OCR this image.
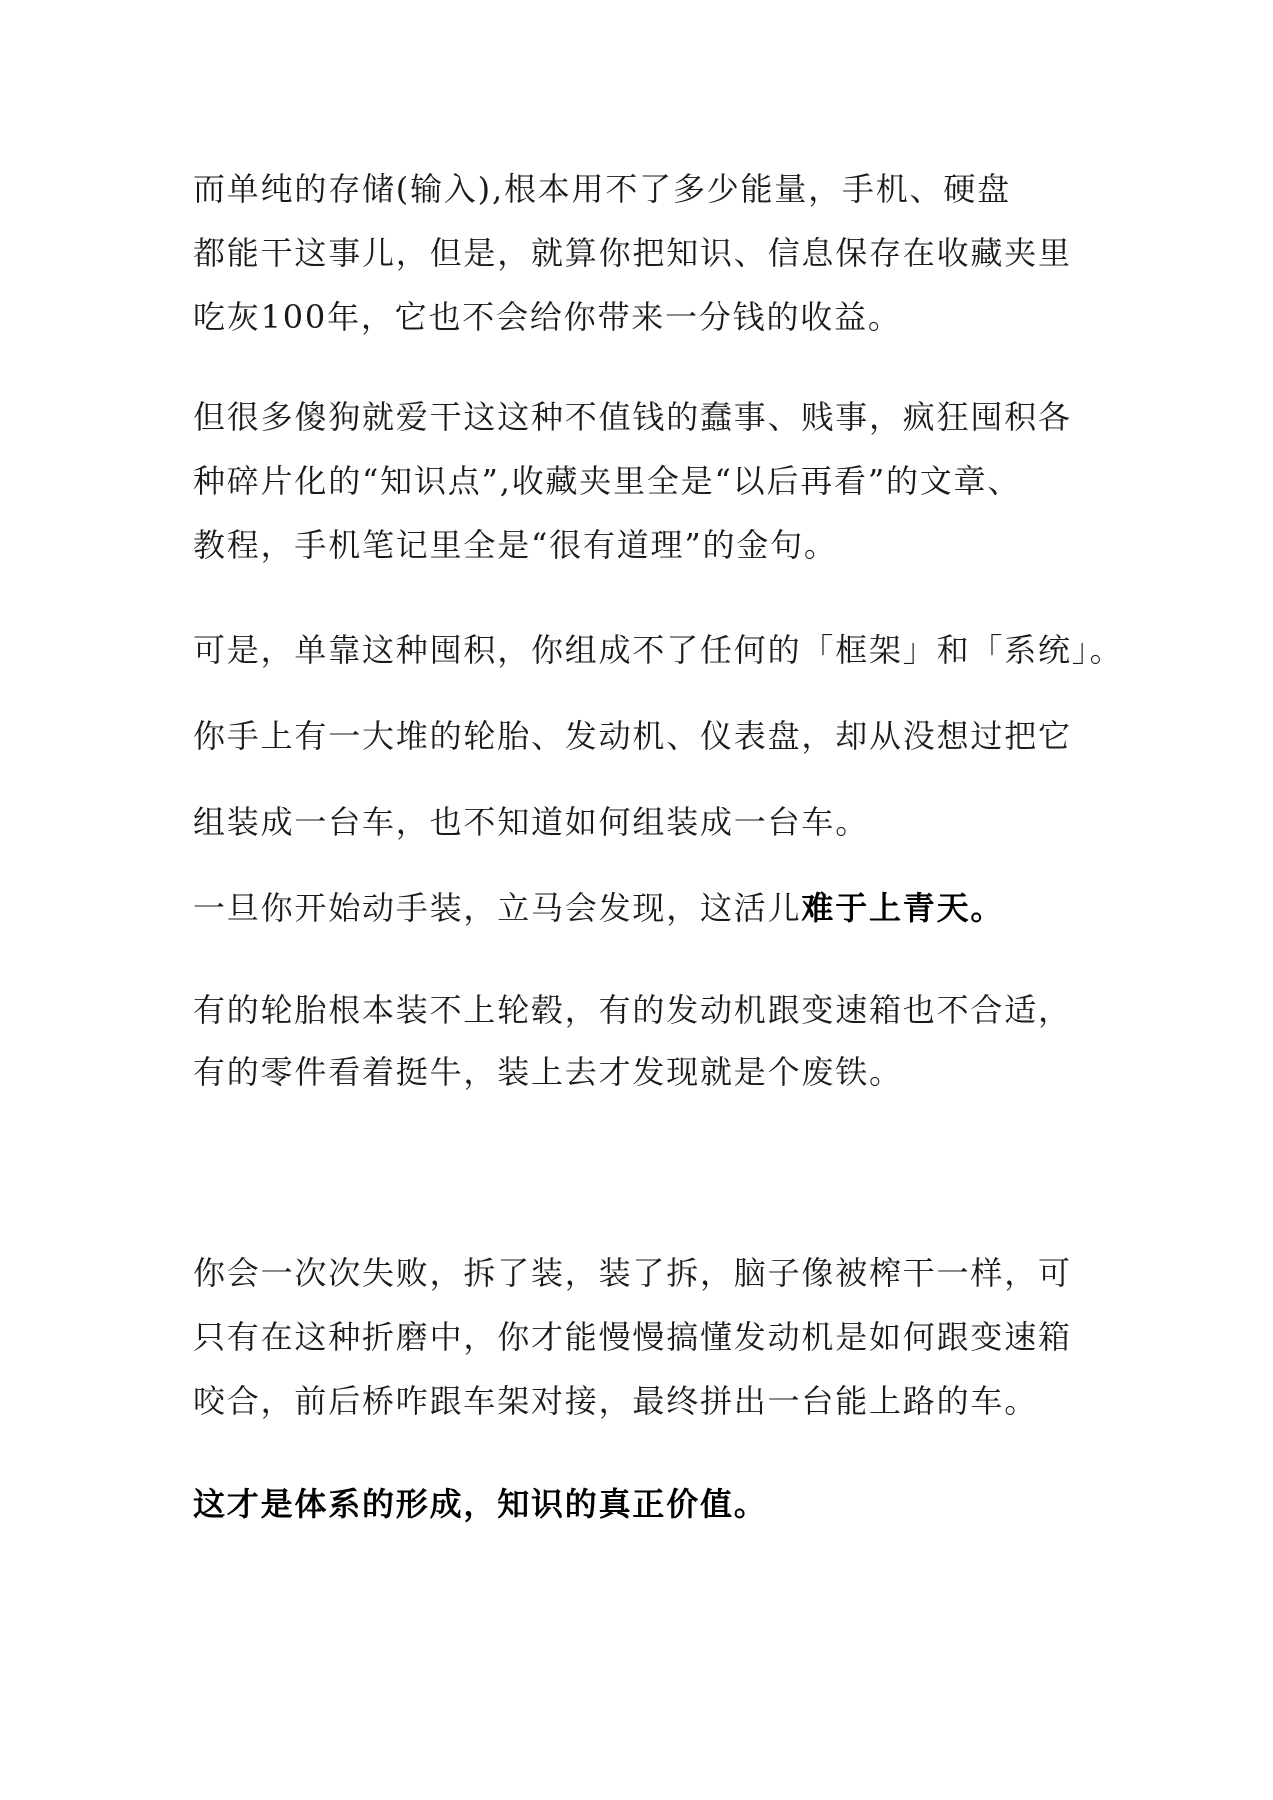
而单纯的存储(输入),根本用不了多少能量，手机、硬盘
都能干这事儿，但是，就算你把知识、信息保存在收藏夹里
吃灰100年，它也不会给你带来一分钱的收益。
但很多傻狗就爱干这这种不值钱的蠢事、贱事，疯狂囤积各
种碎片化的“知识点”,收藏夹里全是“以后再看”的文章、
教程，手机笔记里全是“很有道理”的金句。
可是，单靠这种囤积，你组成不了任何的「框架」和「系统」。
你手上有一大堆的轮胎、发动机、仪表盘，却从没想过把它
组装成一台车，也不知道如何组装成一台车。
一旦你开始动手装，立马会发现，这活儿难于上青天。
有的轮胎根本装不上轮毂，有的发动机跟变速箱也不合适，
有的零件看着挺牛，装上去才发现就是个废铁。
你会一次次失败，拆了装，装了拆，脑子像被榨干一样，可
只有在这种折磨中，你才能慢慢搞懂发动机是如何跟变速箱
咬合，前后桥咋跟车架对接，最终拼出一台能上路的车。
这才是体系的形成，知识的真正价值。
